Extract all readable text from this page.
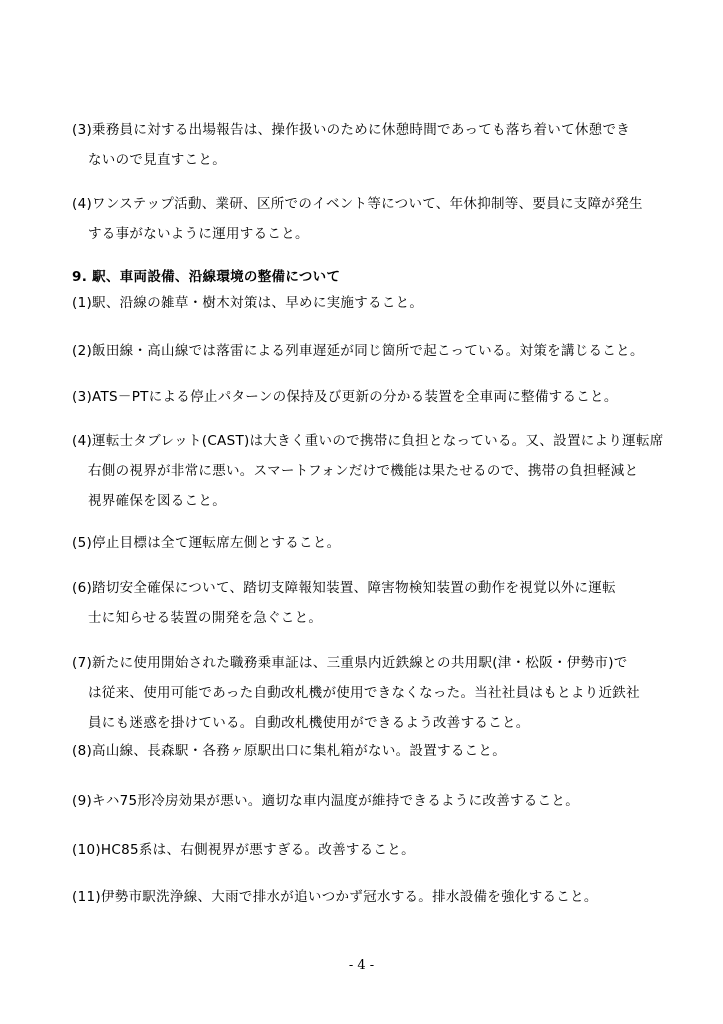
(3)乗務員に対する出場報告は、操作扱いのために休憩時間であっても落ち着いて休憩でき
ないので見直すこと。
(4)ワンステップ活動、業研、区所でのイベント等について、年休抑制等、要員に支障が発生
する事がないように運用すること。
9. 駅、車両設備、沿線環境の整備について
(1)駅、沿線の雑草・樹木対策は、早めに実施すること。
(2)飯田線・高山線では落雷による列車遅延が同じ箇所で起こっている。対策を講じること。
(3)ATS－PTによる停止パターンの保持及び更新の分かる装置を全車両に整備すること。
(4)運転士タブレット(CAST)は大きく重いので携帯に負担となっている。又、設置により運転席
右側の視界が非常に悪い。スマートフォンだけで機能は果たせるので、携帯の負担軽減と
視界確保を図ること。
(5)停止目標は全て運転席左側とすること。
(6)踏切安全確保について、踏切支障報知装置、障害物検知装置の動作を視覚以外に運転
士に知らせる装置の開発を急ぐこと。
(7)新たに使用開始された職務乗車証は、三重県内近鉄線との共用駅(津・松阪・伊勢市)で
は従来、使用可能であった自動改札機が使用できなくなった。当社社員はもとより近鉄社
員にも迷惑を掛けている。自動改札機使用ができるよう改善すること。
(8)高山線、長森駅・各務ヶ原駅出口に集札箱がない。設置すること。
(9)キハ75形冷房効果が悪い。適切な車内温度が維持できるように改善すること。
(10)HC85系は、右側視界が悪すぎる。改善すること。
(11)伊勢市駅洗浄線、大雨で排水が追いつかず冠水する。排水設備を強化すること。
- 4 -
